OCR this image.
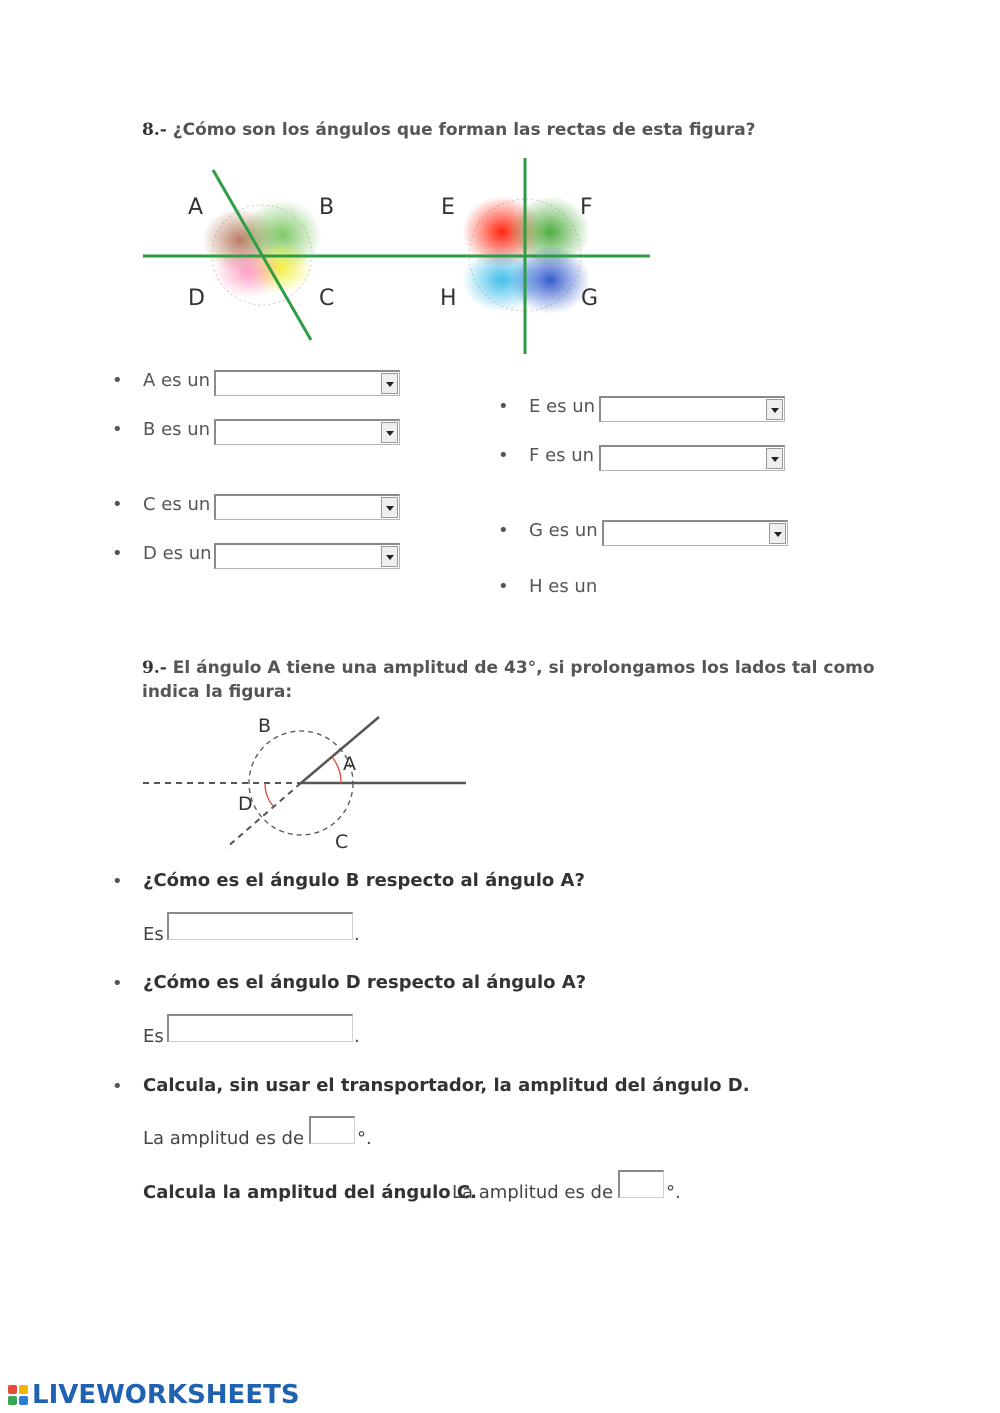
8.- ¿Cómo son los ángulos que forman las rectas de esta figura?
A	B
C
D
E	F
G
H
• A es un
• B es un
• C es un
• D es un
• E es un
• F es un
• G es un
• H es un
9.- El ángulo A tiene una amplitud de 43°, si prolongamos los lados tal como
indica la figura:
B
A
D
C
• ¿Cómo es el ángulo B respecto al ángulo A?
Es	.
• ¿Cómo es el ángulo D respecto al ángulo A?
Es	.
• Calcula, sin usar el transportador, la amplitud del ángulo D.
La amplitud es de	°.
Calcula la amplitud del ángulo C.
La amplitud es de	°.
LIVEWORKSHEETS
